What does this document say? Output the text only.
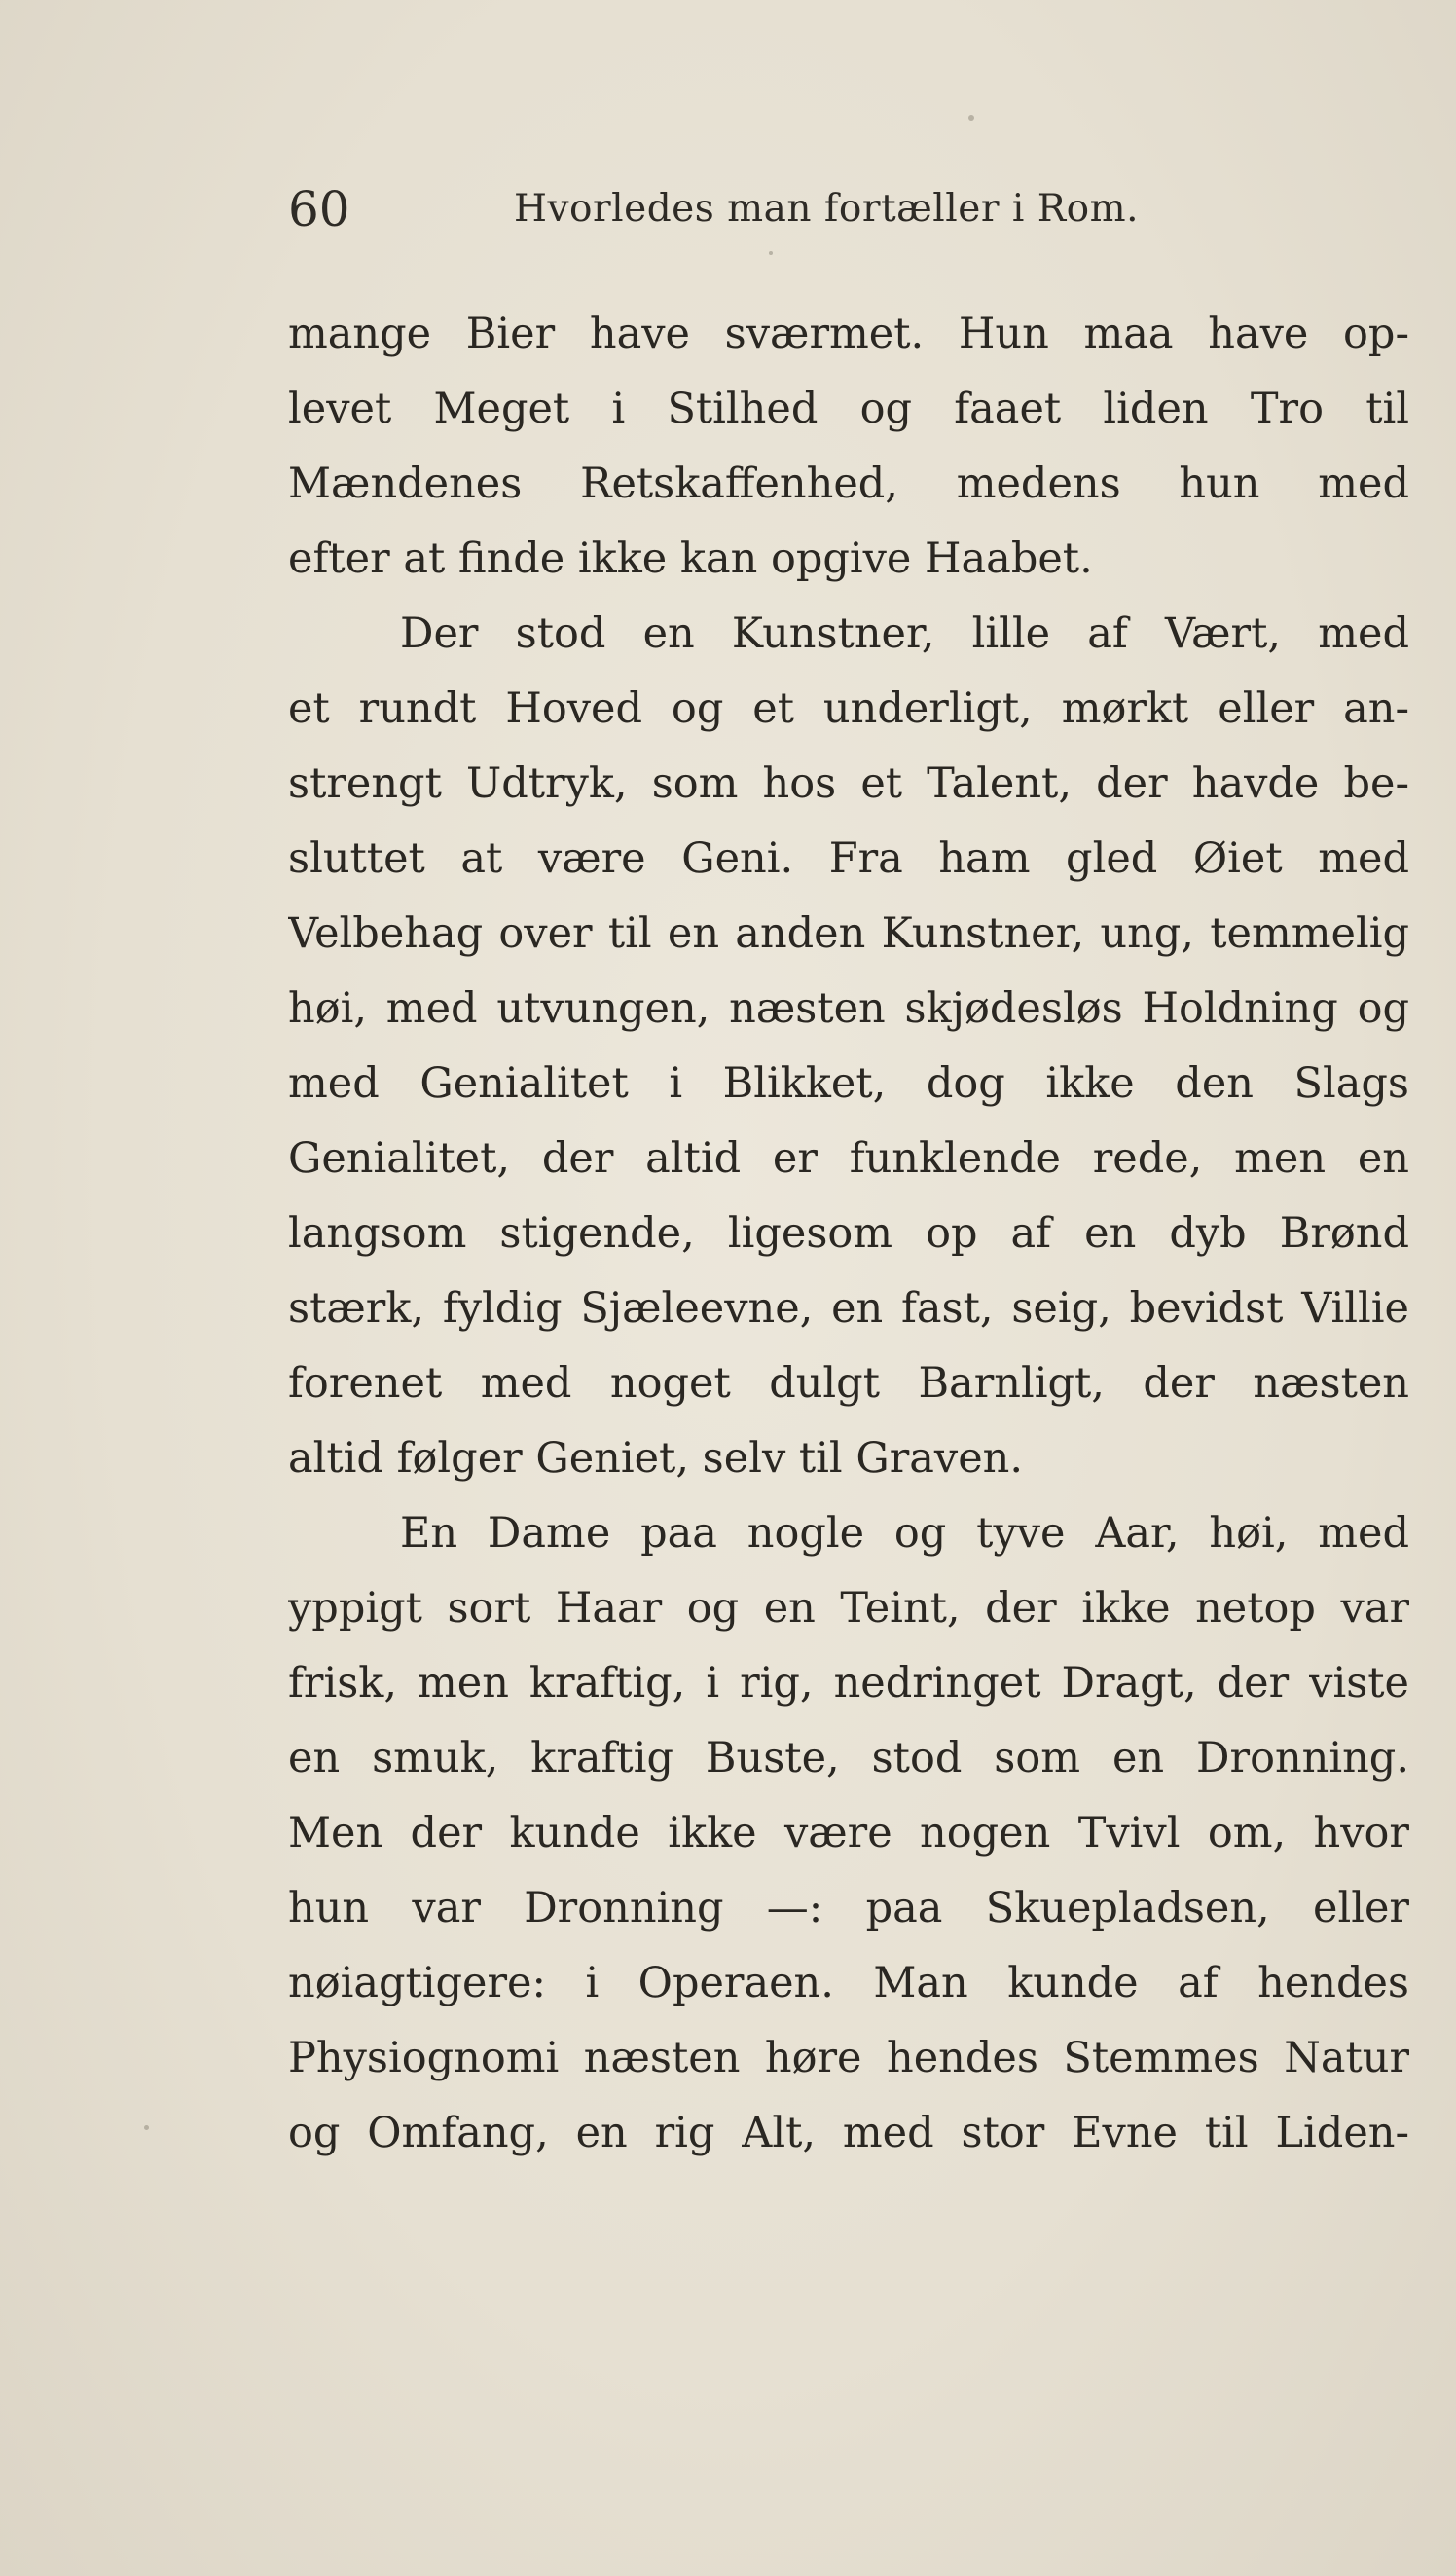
60	Hvorledes man fortæller i Rom.
mange Bier have sværmet. Hun maa have op-
levet Meget i Stilhed og faaet liden Tro til
Mændenes Retskaffenhed, medens hun med
efter at finde ikke kan opgive Haabet.
Der stod en Kunstner, lille af Vært, med
et rundt Hoved og et underligt, mørkt eller an-
strengt Udtryk, som hos et Talent, der havde be-
sluttet at være Geni. Fra ham gled Øiet med
Velbehag over til en anden Kunstner, ung, temmelig
høi, med utvungen, næsten skjødesløs Holdning og
med Genialitet i Blikket, dog ikke den Slags
Genialitet, der altid er funklende rede, men en
langsom stigende, ligesom op af en dyb Brønd
stærk, fyldig Sjæleevne, en fast, seig, bevidst Villie
forenet med noget dulgt Barnligt, der næsten
altid følger Geniet, selv til Graven.
En Dame paa nogle og tyve Aar, høi, med
yppigt sort Haar og en Teint, der ikke netop var
frisk, men kraftig, i rig, nedringet Dragt, der viste
en smuk, kraftig Buste, stod som en Dronning.
Men der kunde ikke være nogen Tvivl om, hvor
hun var Dronning —: paa Skuepladsen, eller
nøiagtigere: i Operaen. Man kunde af hendes
Physiognomi næsten høre hendes Stemmes Natur
og Omfang, en rig Alt, med stor Evne til Liden-
